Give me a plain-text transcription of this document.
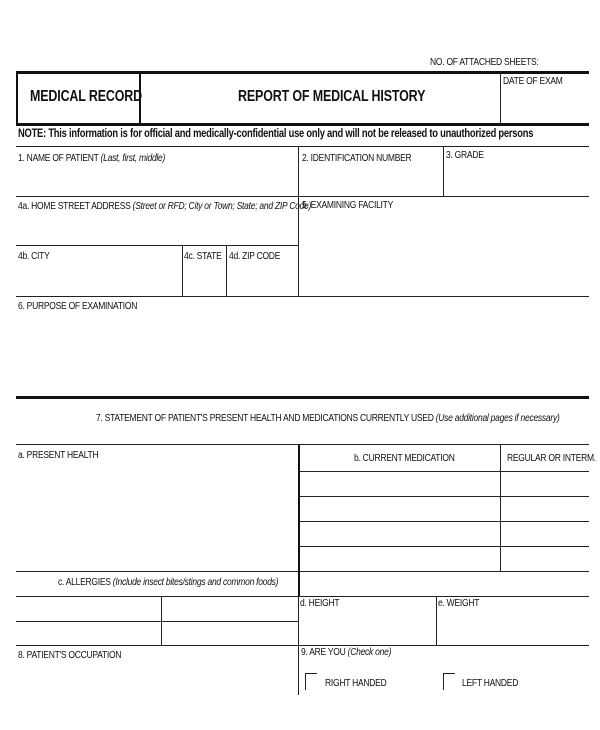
NO. OF ATTACHED SHEETS:
MEDICAL RECORD	REPORT OF MEDICAL HISTORY
DATE OF EXAM
NOTE: This information is for official and medically-confidential use only and will not be released to unauthorized persons
1. NAME OF PATIENT (Last, first, middle)	2. IDENTIFICATION NUMBER	3. GRADE
4a. HOME STREET ADDRESS (Street or RFD; City or Town; State; and ZIP Code)
5. EXAMINING FACILITY
4b. CITY	4c. STATE 4d. ZIP CODE
6. PURPOSE OF EXAMINATION
7. STATEMENT OF PATIENT'S PRESENT HEALTH AND MEDICATIONS CURRENTLY USED (Use additional pages if necessary)
a. PRESENT HEALTH	b. CURRENT MEDICATION	REGULAR OR INTERM.
c. ALLERGIES (Include insect bites/stings and common foods)
d. HEIGHT	e. WEIGHT
8. PATIENT'S OCCUPATION	9. ARE YOU (Check one)
RIGHT HANDED	LEFT HANDED
